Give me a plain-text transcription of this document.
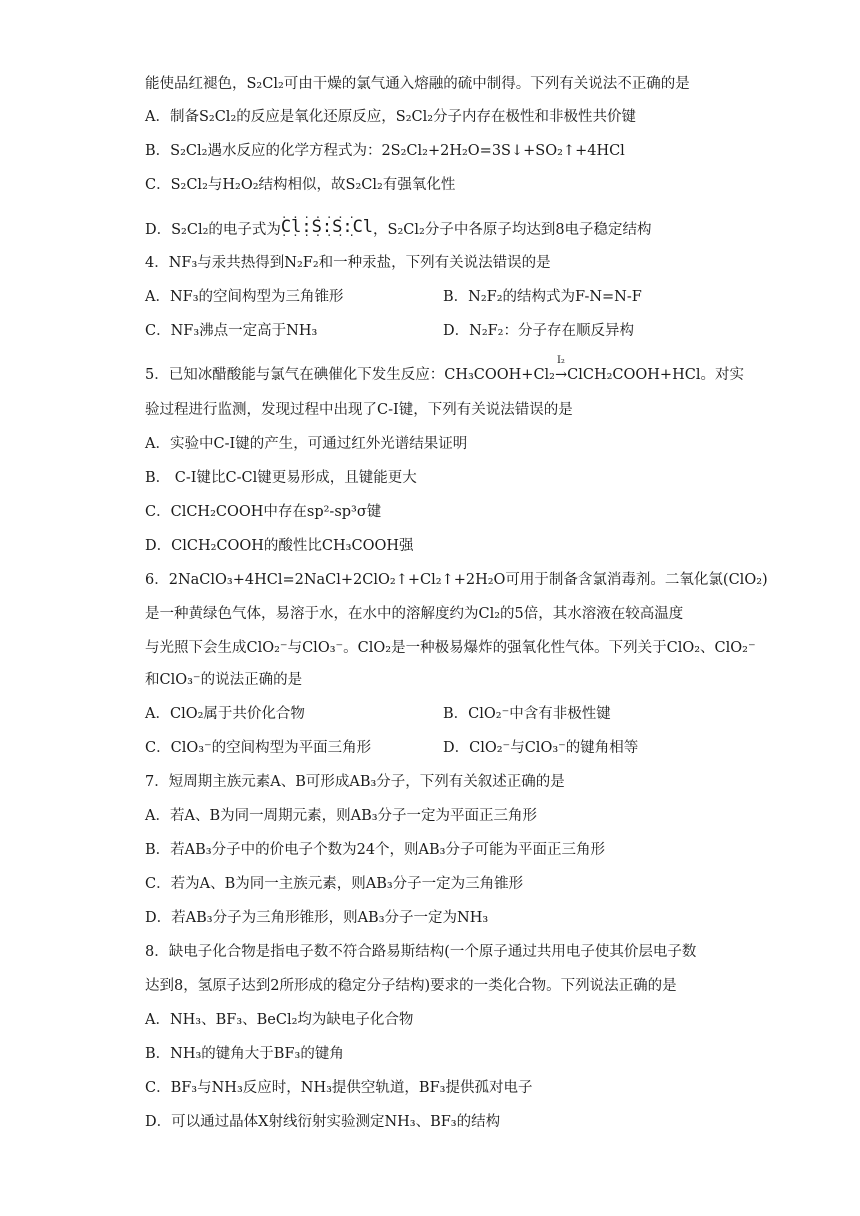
能使品红褪色，S₂Cl₂可由干燥的氯气通入熔融的硫中制得。下列有关说法不正确的是
A．制备S₂Cl₂的反应是氧化还原反应，S₂Cl₂分子内存在极性和非极性共价键
B．S₂Cl₂遇水反应的化学方程式为：2S₂Cl₂+2H₂O=3S↓+SO₂↑+4HCl
C．S₂Cl₂与H₂O₂结构相似，故S₂Cl₂有强氧化性
D．S₂Cl₂的电子式为· · · Cl:S:S:Cl · · ·，S₂Cl₂分子中各原子均达到8电子稳定结构
4．NF₃与汞共热得到N₂F₂和一种汞盐，下列有关说法错误的是
A．NF₃的空间构型为三角锥形	B．N₂F₂的结构式为F-N=N-F
C．NF₃沸点一定高于NH₃	D．N₂F₂：分子存在顺反异构
5．已知冰醋酸能与氯气在碘催化下发生反应：CH₃COOH+Cl₂
I₂
→ClCH₂COOH+HCl。对实
验过程进行监测，发现过程中出现了C-I键，下列有关说法错误的是
A．实验中C-I键的产生，可通过红外光谱结果证明
B． C-I键比C-Cl键更易形成，且键能更大
C．ClCH₂COOH中存在sp²-sp³σ键
D．ClCH₂COOH的酸性比CH₃COOH强
6．2NaClO₃+4HCl=2NaCl+2ClO₂↑+Cl₂↑+2H₂O可用于制备含氯消毒剂。二氧化氯(ClO₂)
是一种黄绿色气体，易溶于水，在水中的溶解度约为Cl₂的5倍，其水溶液在较高温度
与光照下会生成ClO₂⁻与ClO₃⁻。ClO₂是一种极易爆炸的强氧化性气体。下列关于ClO₂、ClO₂⁻
和ClO₃⁻的说法正确的是
A．ClO₂属于共价化合物	B．ClO₂⁻中含有非极性键
C．ClO₃⁻的空间构型为平面三角形	D．ClO₂⁻与ClO₃⁻的键角相等
7．短周期主族元素A、B可形成AB₃分子，下列有关叙述正确的是
A．若A、B为同一周期元素，则AB₃分子一定为平面正三角形
B．若AB₃分子中的价电子个数为24个，则AB₃分子可能为平面正三角形
C．若为A、B为同一主族元素，则AB₃分子一定为三角锥形
D．若AB₃分子为三角形锥形，则AB₃分子一定为NH₃
8．缺电子化合物是指电子数不符合路易斯结构(一个原子通过共用电子使其价层电子数
达到8，氢原子达到2所形成的稳定分子结构)要求的一类化合物。下列说法正确的是
A．NH₃、BF₃、BeCl₂均为缺电子化合物
B．NH₃的键角大于BF₃的键角
C．BF₃与NH₃反应时，NH₃提供空轨道，BF₃提供孤对电子
D．可以通过晶体X射线衍射实验测定NH₃、BF₃的结构
